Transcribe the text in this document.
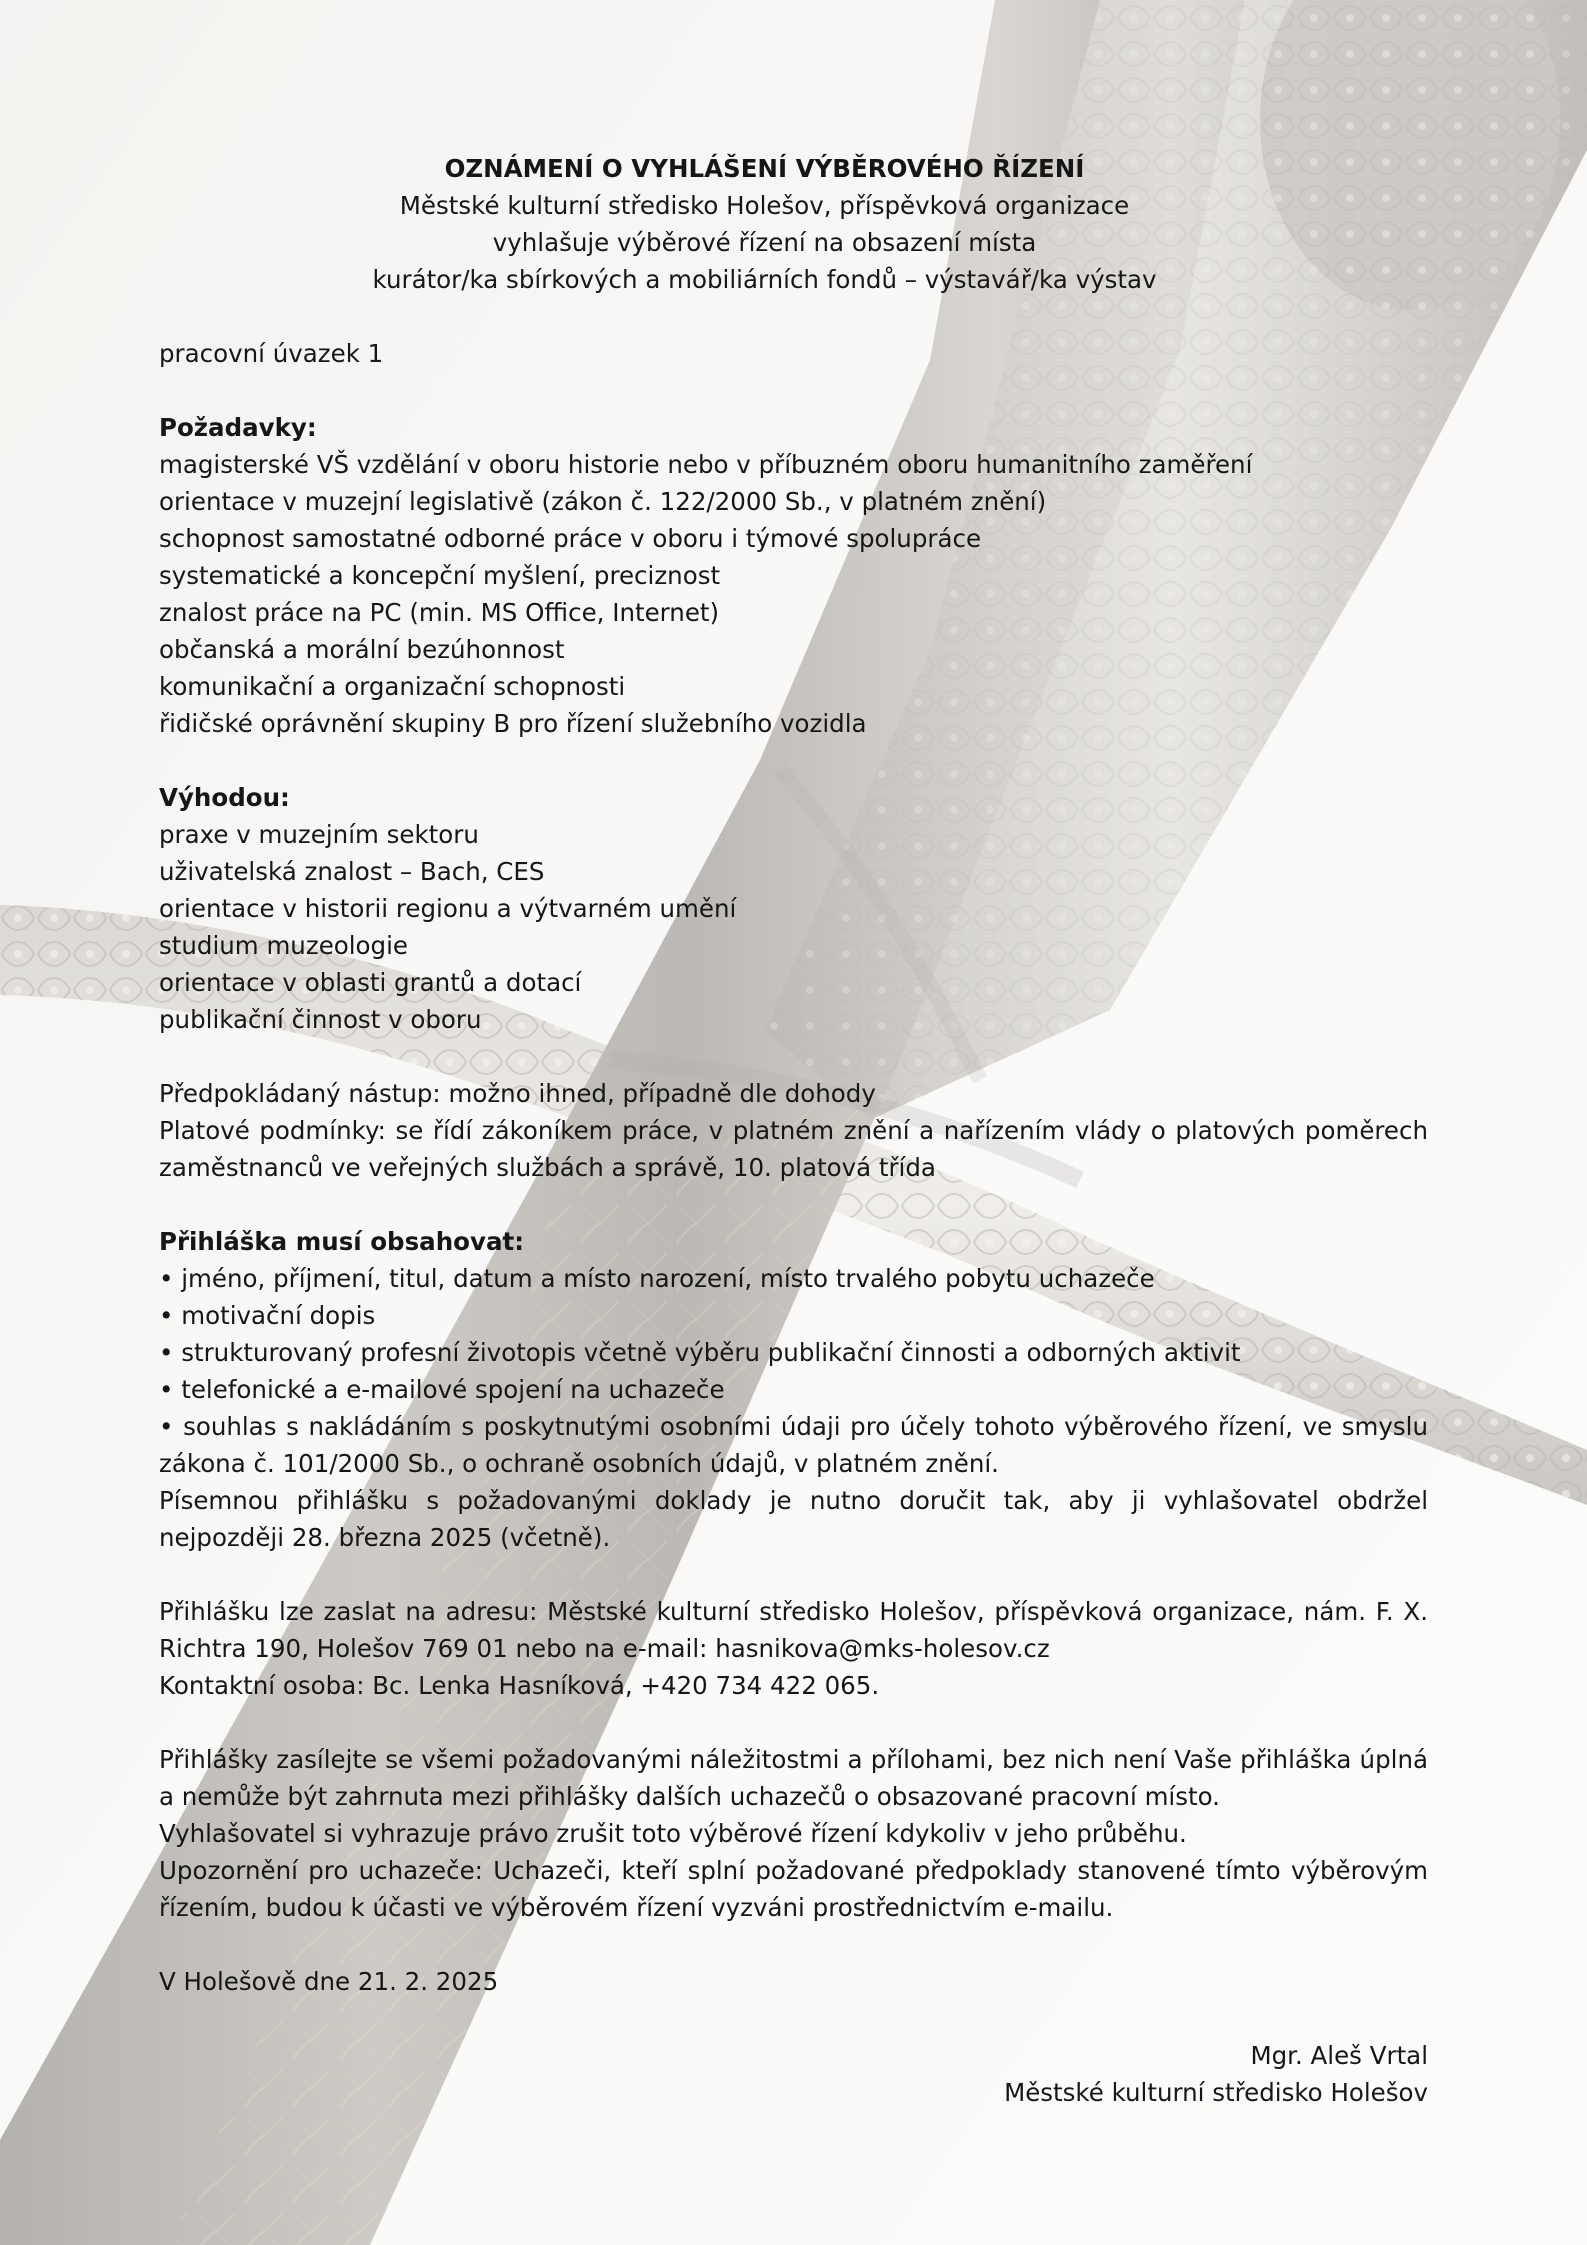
OZNÁMENÍ O VYHLÁŠENÍ VÝBĚROVÉHO ŘÍZENÍ
Městské kulturní středisko Holešov, příspěvková organizace
vyhlašuje výběrové řízení na obsazení místa
kurátor/ka sbírkových a mobiliárních fondů – výstavář/ka výstav
pracovní úvazek 1
Požadavky:
magisterské VŠ vzdělání v oboru historie nebo v příbuzném oboru humanitního zaměření
orientace v muzejní legislativě (zákon č. 122/2000 Sb., v platném znění)
schopnost samostatné odborné práce v oboru i týmové spolupráce
systematické a koncepční myšlení, preciznost
znalost práce na PC (min. MS Office, Internet)
občanská a morální bezúhonnost
komunikační a organizační schopnosti
řidičské oprávnění skupiny B pro řízení služebního vozidla
Výhodou:
praxe v muzejním sektoru
uživatelská znalost – Bach, CES
orientace v historii regionu a výtvarném umění
studium muzeologie
orientace v oblasti grantů a dotací
publikační činnost v oboru
Předpokládaný nástup: možno ihned, případně dle dohody
Platové podmínky: se řídí zákoníkem práce, v platném znění a nařízením vlády o platových poměrech zaměstnanců ve veřejných službách a správě, 10. platová třída
Přihláška musí obsahovat:
• jméno, příjmení, titul, datum a místo narození, místo trvalého pobytu uchazeče
• motivační dopis
• strukturovaný profesní životopis včetně výběru publikační činnosti a odborných aktivit
• telefonické a e-mailové spojení na uchazeče
• souhlas s nakládáním s poskytnutými osobními údaji pro účely tohoto výběrového řízení, ve smyslu zákona č. 101/2000 Sb., o ochraně osobních údajů, v platném znění.
Písemnou přihlášku s požadovanými doklady je nutno doručit tak, aby ji vyhlašovatel obdržel nejpozději 28. března 2025 (včetně).
Přihlášku lze zaslat na adresu: Městské kulturní středisko Holešov, příspěvková organizace, nám. F. X. Richtra 190, Holešov 769 01 nebo na e-mail: hasnikova@mks-holesov.cz
Kontaktní osoba: Bc. Lenka Hasníková, +420 734 422 065.
Přihlášky zasílejte se všemi požadovanými náležitostmi a přílohami, bez nich není Vaše přihláška úplná a nemůže být zahrnuta mezi přihlášky dalších uchazečů o obsazované pracovní místo.
Vyhlašovatel si vyhrazuje právo zrušit toto výběrové řízení kdykoliv v jeho průběhu.
Upozornění pro uchazeče: Uchazeči, kteří splní požadované předpoklady stanovené tímto výběrovým řízením, budou k účasti ve výběrovém řízení vyzváni prostřednictvím e-mailu.
V Holešově dne 21. 2. 2025
Mgr. Aleš Vrtal
Městské kulturní středisko Holešov
